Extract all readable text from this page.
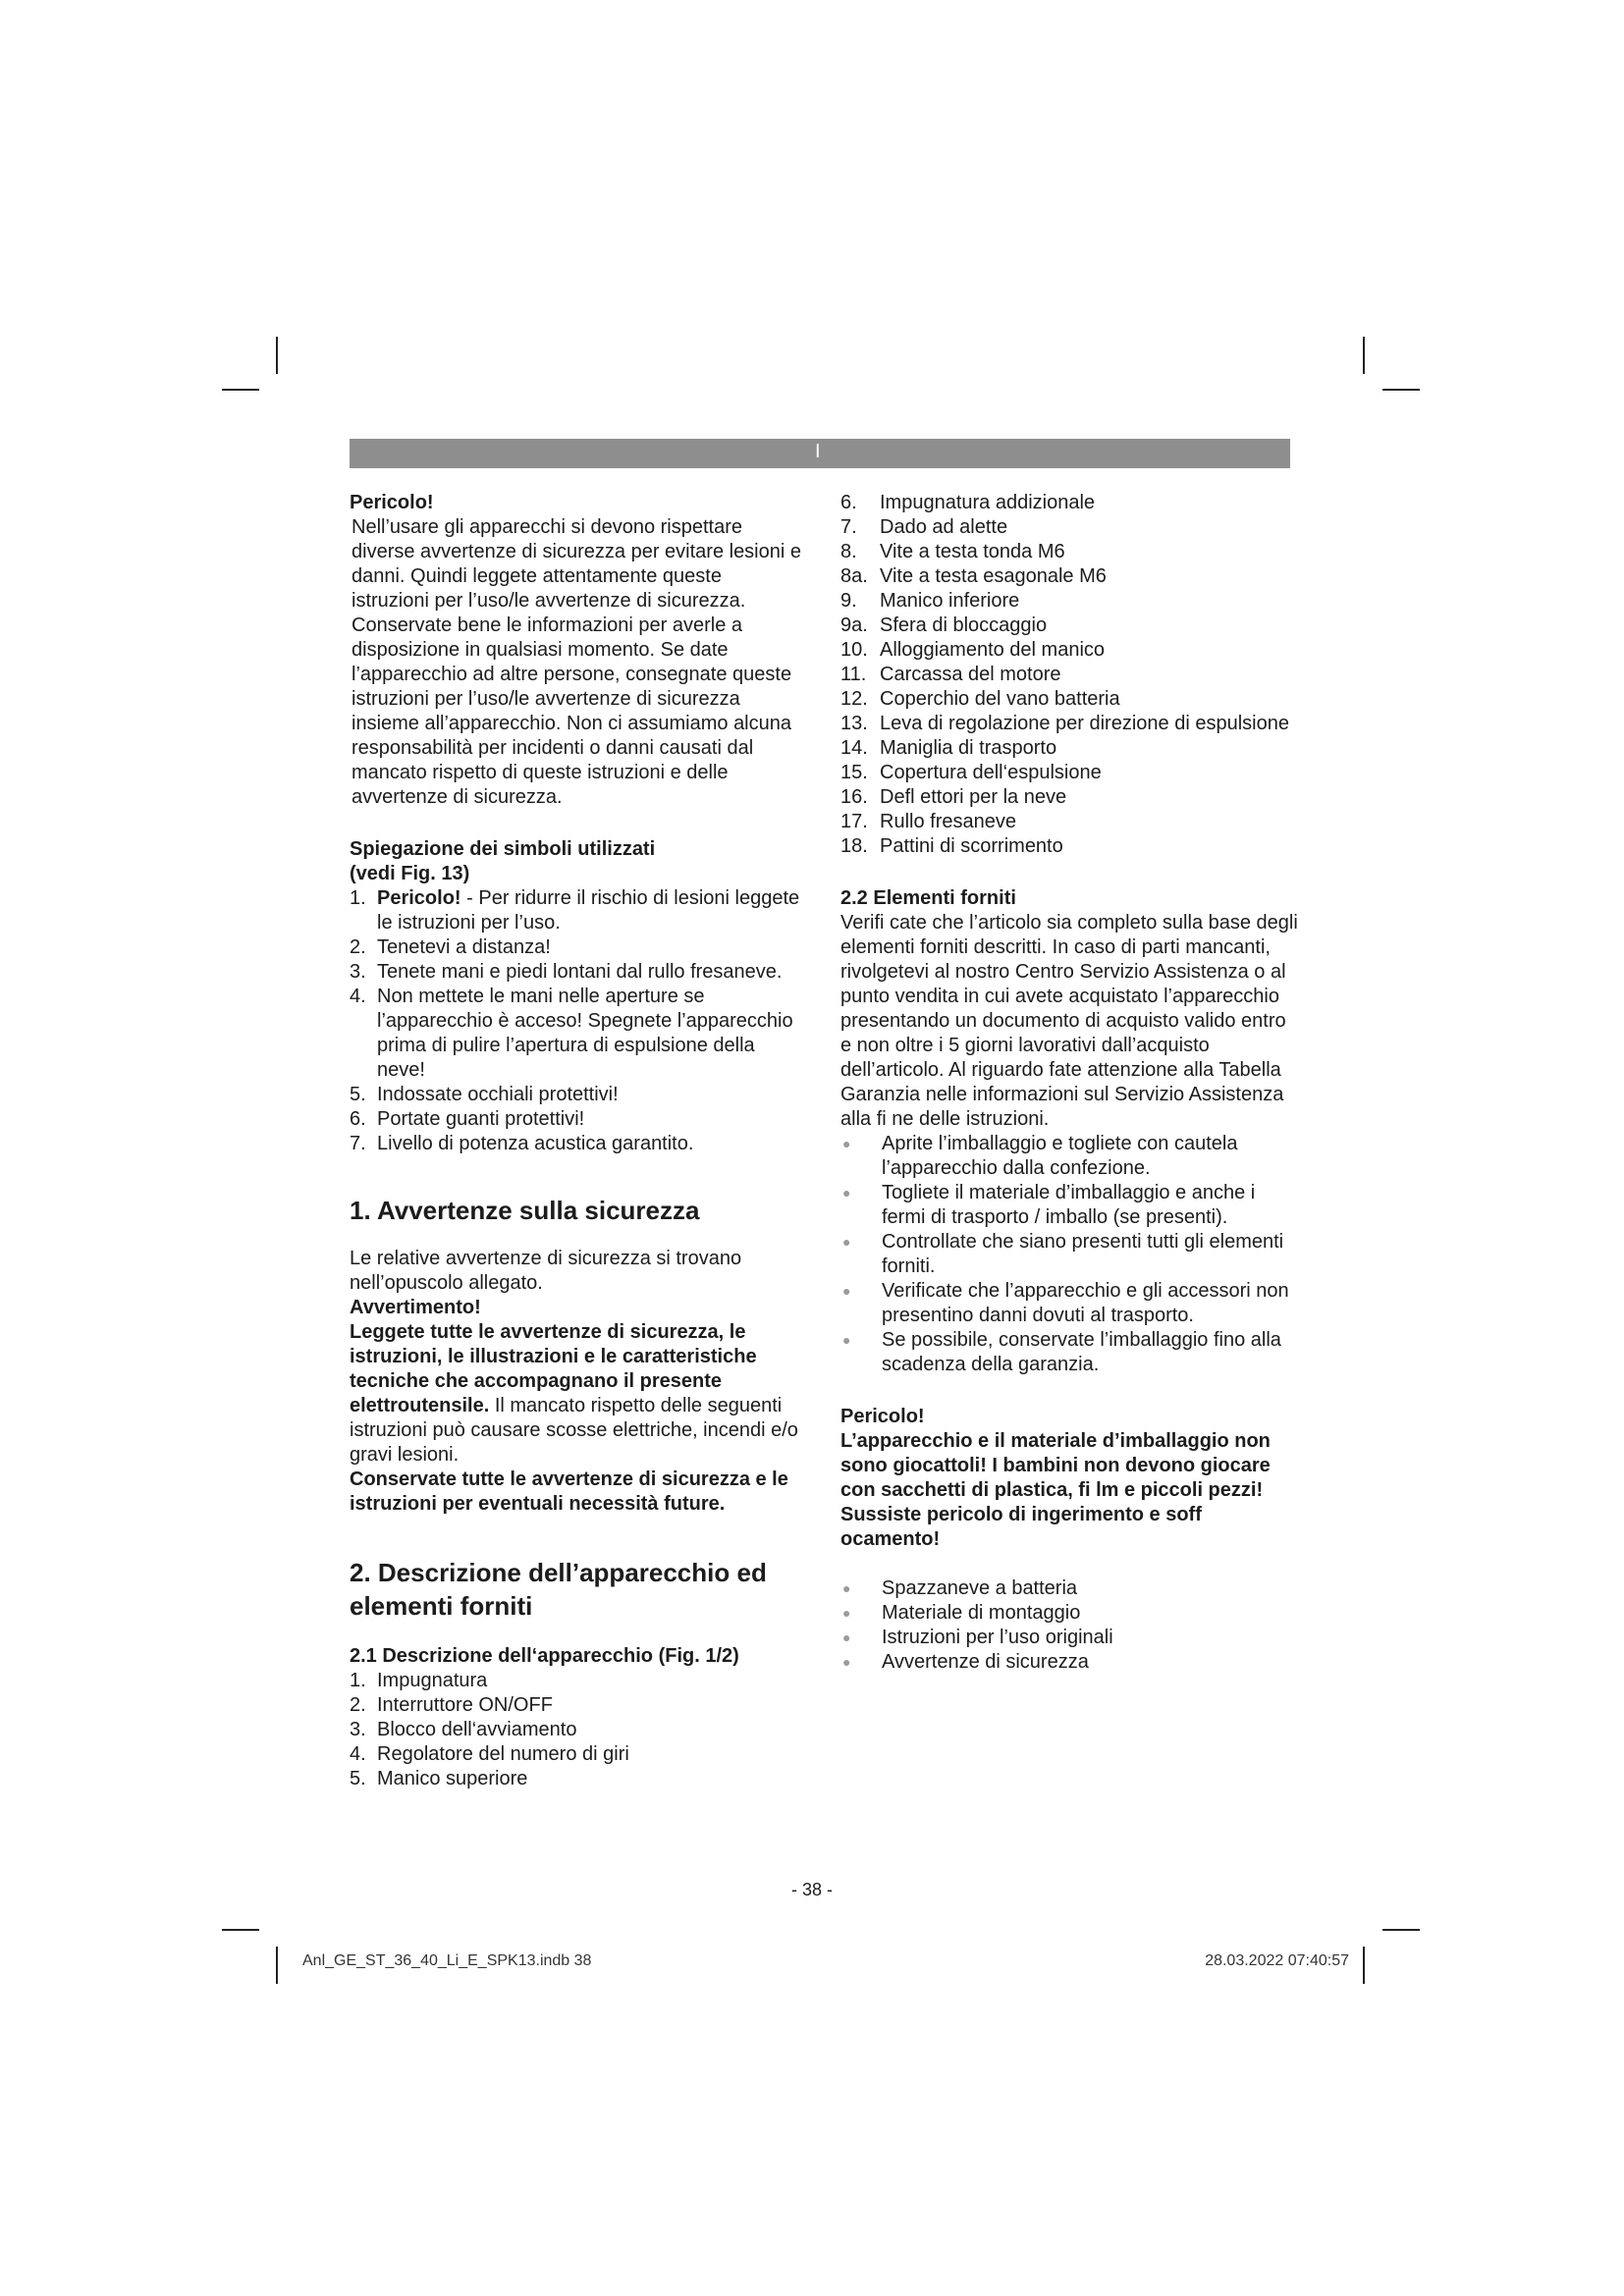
I

Pericolo!

Nell’usare gli apparecchi si devono rispettare diverse avvertenze di sicurezza per evitare lesioni e danni. Quindi leggete attentamente queste istruzioni per l’uso/le avvertenze di sicurezza. Conservate bene le informazioni per averle a disposizione in qualsiasi momento. Se date l’apparecchio ad altre persone, consegnate queste istruzioni per l’uso/le avvertenze di sicurezza insieme all’apparecchio. Non ci assumiamo alcuna responsabilità per incidenti o danni causati dal mancato rispetto di queste istruzioni e delle avvertenze di sicurezza.

Spiegazione dei simboli utilizzati

(vedi Fig. 13)

1. Pericolo! - Per ridurre il rischio di lesioni leggete le istruzioni per l’uso.
2. Tenetevi a distanza!
3. Tenete mani e piedi lontani dal rullo fresaneve.
4. Non mettete le mani nelle aperture se l’apparecchio è acceso! Spegnete l’apparecchio prima di pulire l’apertura di espulsione della neve!
5. Indossate occhiali protettivi!
6. Portate guanti protettivi!
7. Livello di potenza acustica garantito.

1. Avvertenze sulla sicurezza

Le relative avvertenze di sicurezza si trovano nell’opuscolo allegato.

Avvertimento!

Leggete tutte le avvertenze di sicurezza, le istruzioni, le illustrazioni e le caratteristiche tecniche che accompagnano il presente elettroutensile. Il mancato rispetto delle seguenti istruzioni può causare scosse elettriche, incendi e/o gravi lesioni.

Conservate tutte le avvertenze di sicurezza e le istruzioni per eventuali necessità future.

2. Descrizione dell’apparecchio ed elementi forniti

2.1 Descrizione dell‘apparecchio (Fig. 1/2)

1. Impugnatura
2. Interruttore ON/OFF
3. Blocco dell‘avviamento
4. Regolatore del numero di giri
5. Manico superiore
6.	Impugnatura addizionale
7.	Dado ad alette
8.	Vite a testa tonda M6
8a. Vite a testa esagonale M6
9.	Manico inferiore
9a. Sfera di bloccaggio
10. Alloggiamento del manico
11. Carcassa del motore
12. Coperchio del vano batteria
13. Leva di regolazione per direzione di espulsione
14. Maniglia di trasporto
15. Copertura dell‘espulsione
16. Defl ettori per la neve
17. Rullo fresaneve
18. Pattini di scorrimento

2.2 Elementi forniti

Verifi cate che l’articolo sia completo sulla base degli elementi forniti descritti. In caso di parti mancanti, rivolgetevi al nostro Centro Servizio Assistenza o al punto vendita in cui avete acquistato l’apparecchio presentando un documento di acquisto valido entro e non oltre i 5 giorni lavorativi dall’acquisto dell’articolo. Al riguardo fate attenzione alla Tabella Garanzia nelle informazioni sul Servizio Assistenza alla fi ne delle istruzioni.

●	Aprite l’imballaggio e togliete con cautela l’apparecchio dalla confezione.
●	Togliete il materiale d’imballaggio e anche i fermi di trasporto / imballo (se presenti).
●	Controllate che siano presenti tutti gli elementi forniti.
●	Verificate che l’apparecchio e gli accessori non presentino danni dovuti al trasporto.
●	Se possibile, conservate l’imballaggio fino alla scadenza della garanzia.

Pericolo!

L’apparecchio e il materiale d’imballaggio non sono giocattoli! I bambini non devono giocare con sacchetti di plastica, fi lm e piccoli pezzi! Sussiste pericolo di ingerimento e soff ocamento!

●	Spazzaneve a batteria
●	Materiale di montaggio
●	Istruzioni per l’uso originali
●	Avvertenze di sicurezza
- 38 -
Anl_GE_ST_36_40_Li_E_SPK13.indb 38	28.03.2022 07:40:57
